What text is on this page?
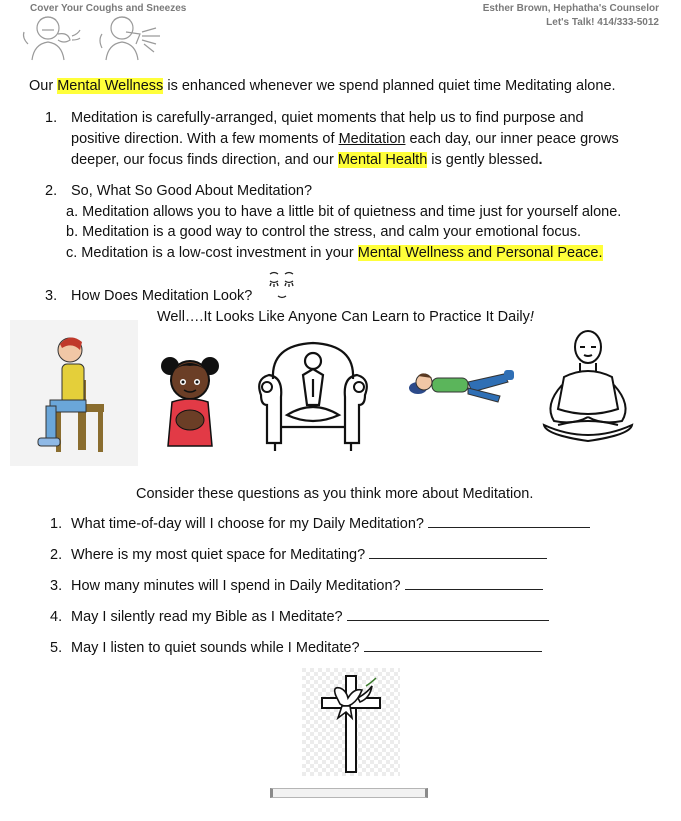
Cover Your Coughs and Sneezes	Esther Brown, Hephatha's Counselor
Let's Talk! 414/333-5012
Our Mental Wellness is enhanced whenever we spend planned quiet time Meditating alone.
1. Meditation is carefully-arranged, quiet moments that help us to find purpose and
positive direction. With a few moments of Meditation each day, our inner peace grows
deeper, our focus finds direction, and our Mental Health is gently blessed.
2. So, What So Good About Meditation?
a. Meditation allows you to have a little bit of quietness and time just for yourself alone.
b. Meditation is a good way to control the stress, and calm your emotional focus.
c. Meditation is a low-cost investment in your Mental Wellness and Personal Peace.
3. How Does Meditation Look?
Well….It Looks Like Anyone Can Learn to Practice It Daily!
Consider these questions as you think more about Meditation.
1. What time-of-day will I choose for my Daily Meditation?
2. Where is my most quiet space for Meditating?
3. How many minutes will I spend in Daily Meditation?
4. May I silently read my Bible as I Meditate?
5. May I listen to quiet sounds while I Meditate?
